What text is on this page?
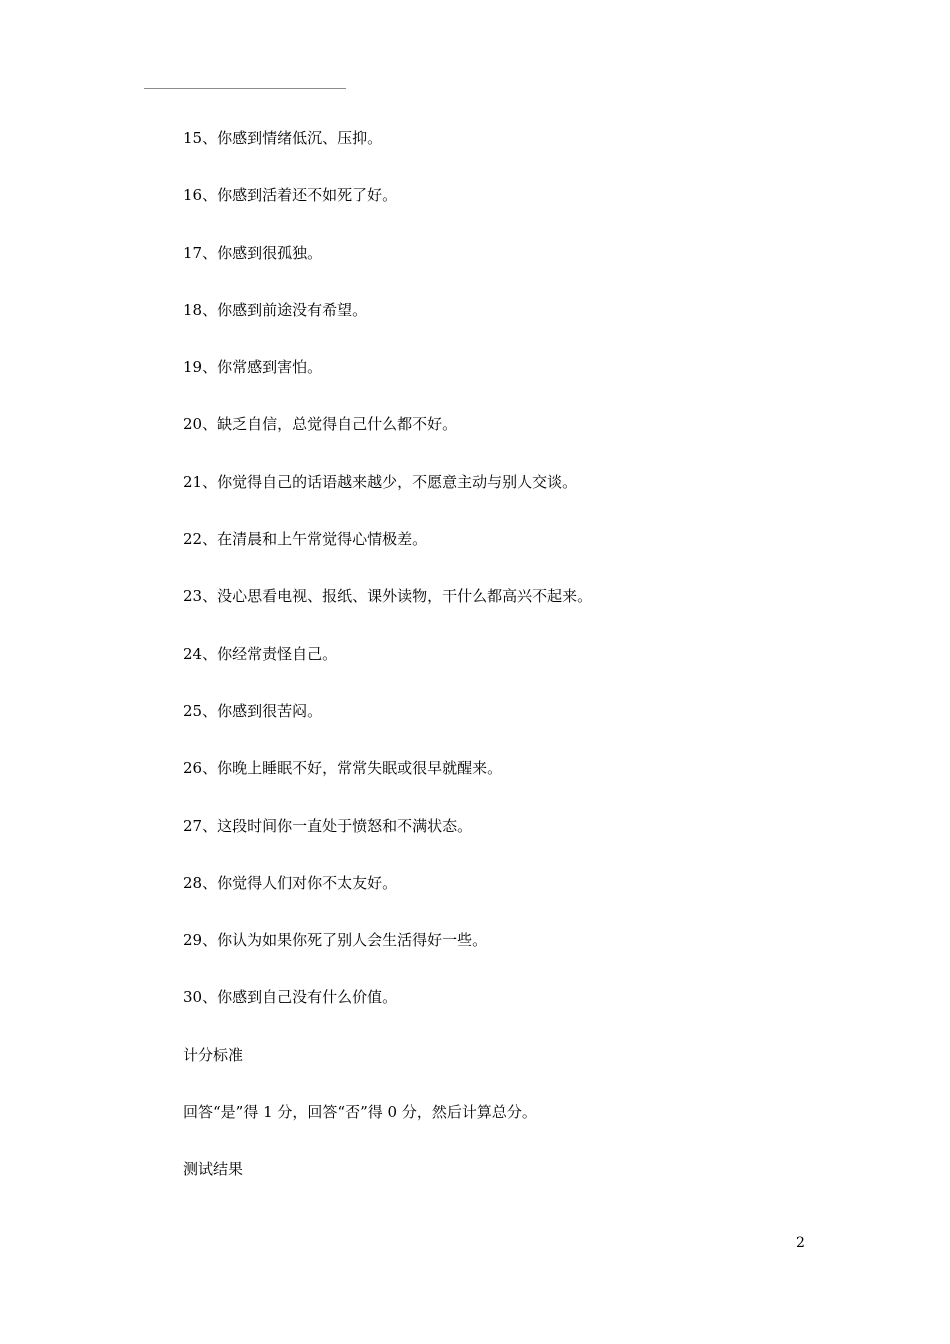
15、你感到情绪低沉、压抑。

16、你感到活着还不如死了好。

17、你感到很孤独。

18、你感到前途没有希望。

19、你常感到害怕。

20、缺乏自信，总觉得自己什么都不好。

21、你觉得自己的话语越来越少，不愿意主动与别人交谈。

22、在清晨和上午常觉得心情极差。

23、没心思看电视、报纸、课外读物，干什么都高兴不起来。

24、你经常责怪自己。

25、你感到很苦闷。

26、你晚上睡眠不好，常常失眠或很早就醒来。

27、这段时间你一直处于愤怒和不满状态。

28、你觉得人们对你不太友好。

29、你认为如果你死了别人会生活得好一些。

30、你感到自己没有什么价值。

计分标准

回答“是”得 1 分，回答“否”得 0 分，然后计算总分。

测试结果

2
